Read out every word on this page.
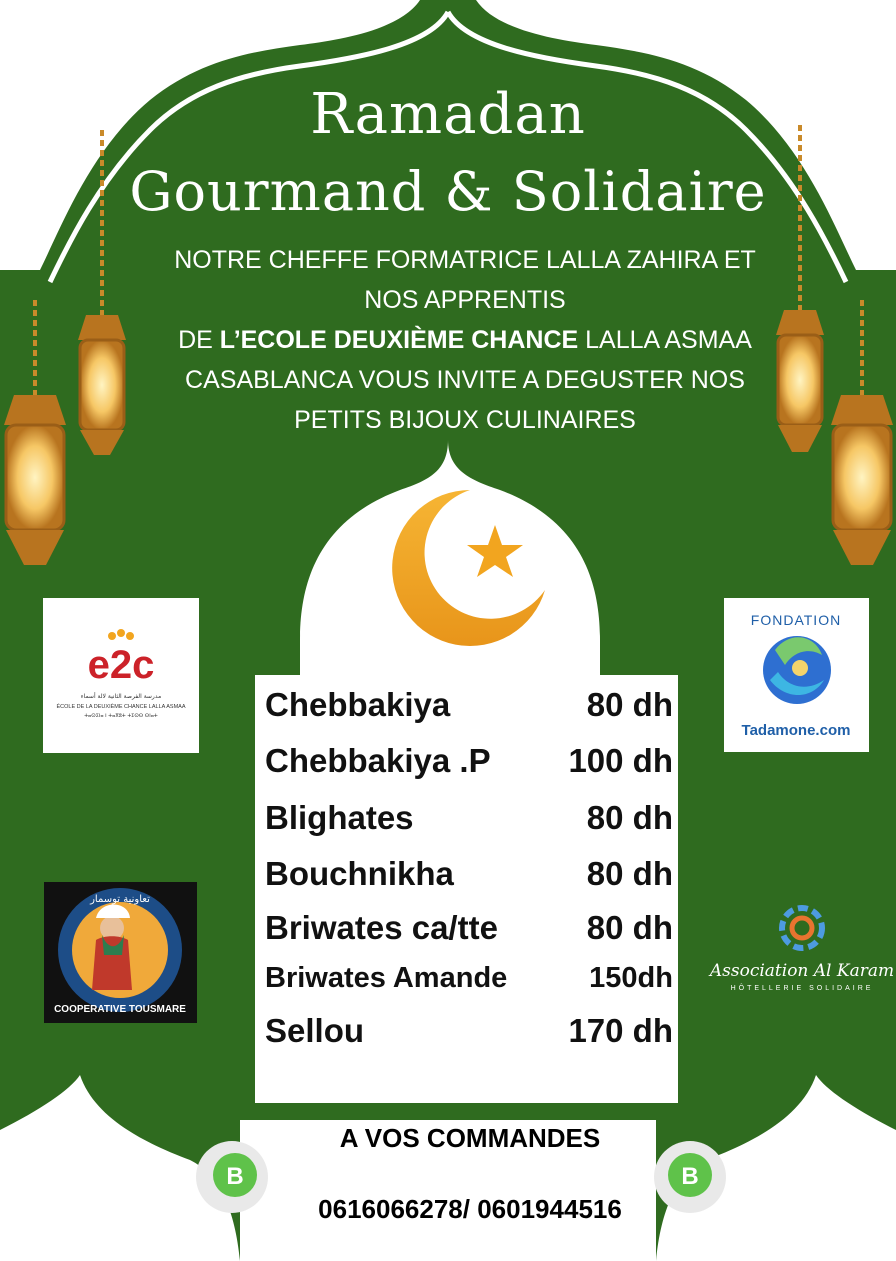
e2c
مدرسة الفرصة الثانية لالة أسماء
ÉCOLE DE LA DEUXIÈME CHANCE LALLA ASMAA
ⵜⴰⵙⵉⵏⴰ ⵏ ⵜⴰⴳⵓⵜ ⵜⵉⵙⵙ ⵙⵏⴰⵜ
FONDATION
Tadamone.com
تعاونية توسمار
COOPERATIVE TOUSMARE
Association Al Karam
HÔTELLERIE SOLIDAIRE
B	B
Ramadan
Gourmand & Solidaire
NOTRE CHEFFE FORMATRICE LALLA ZAHIRA ET
NOS APPRENTIS
DE L’ECOLE DEUXIÈME CHANCE LALLA ASMAA
CASABLANCA VOUS INVITE A DEGUSTER NOS
PETITS BIJOUX CULINAIRES
Chebbakiya	80 dh
Chebbakiya .P 100 dh
Blighates	80 dh
Bouchnikha	80 dh
Briwates ca/tte	80 dh
Briwates Amande	150dh
Sellou	170 dh
A VOS COMMANDES
0616066278/ 0601944516
